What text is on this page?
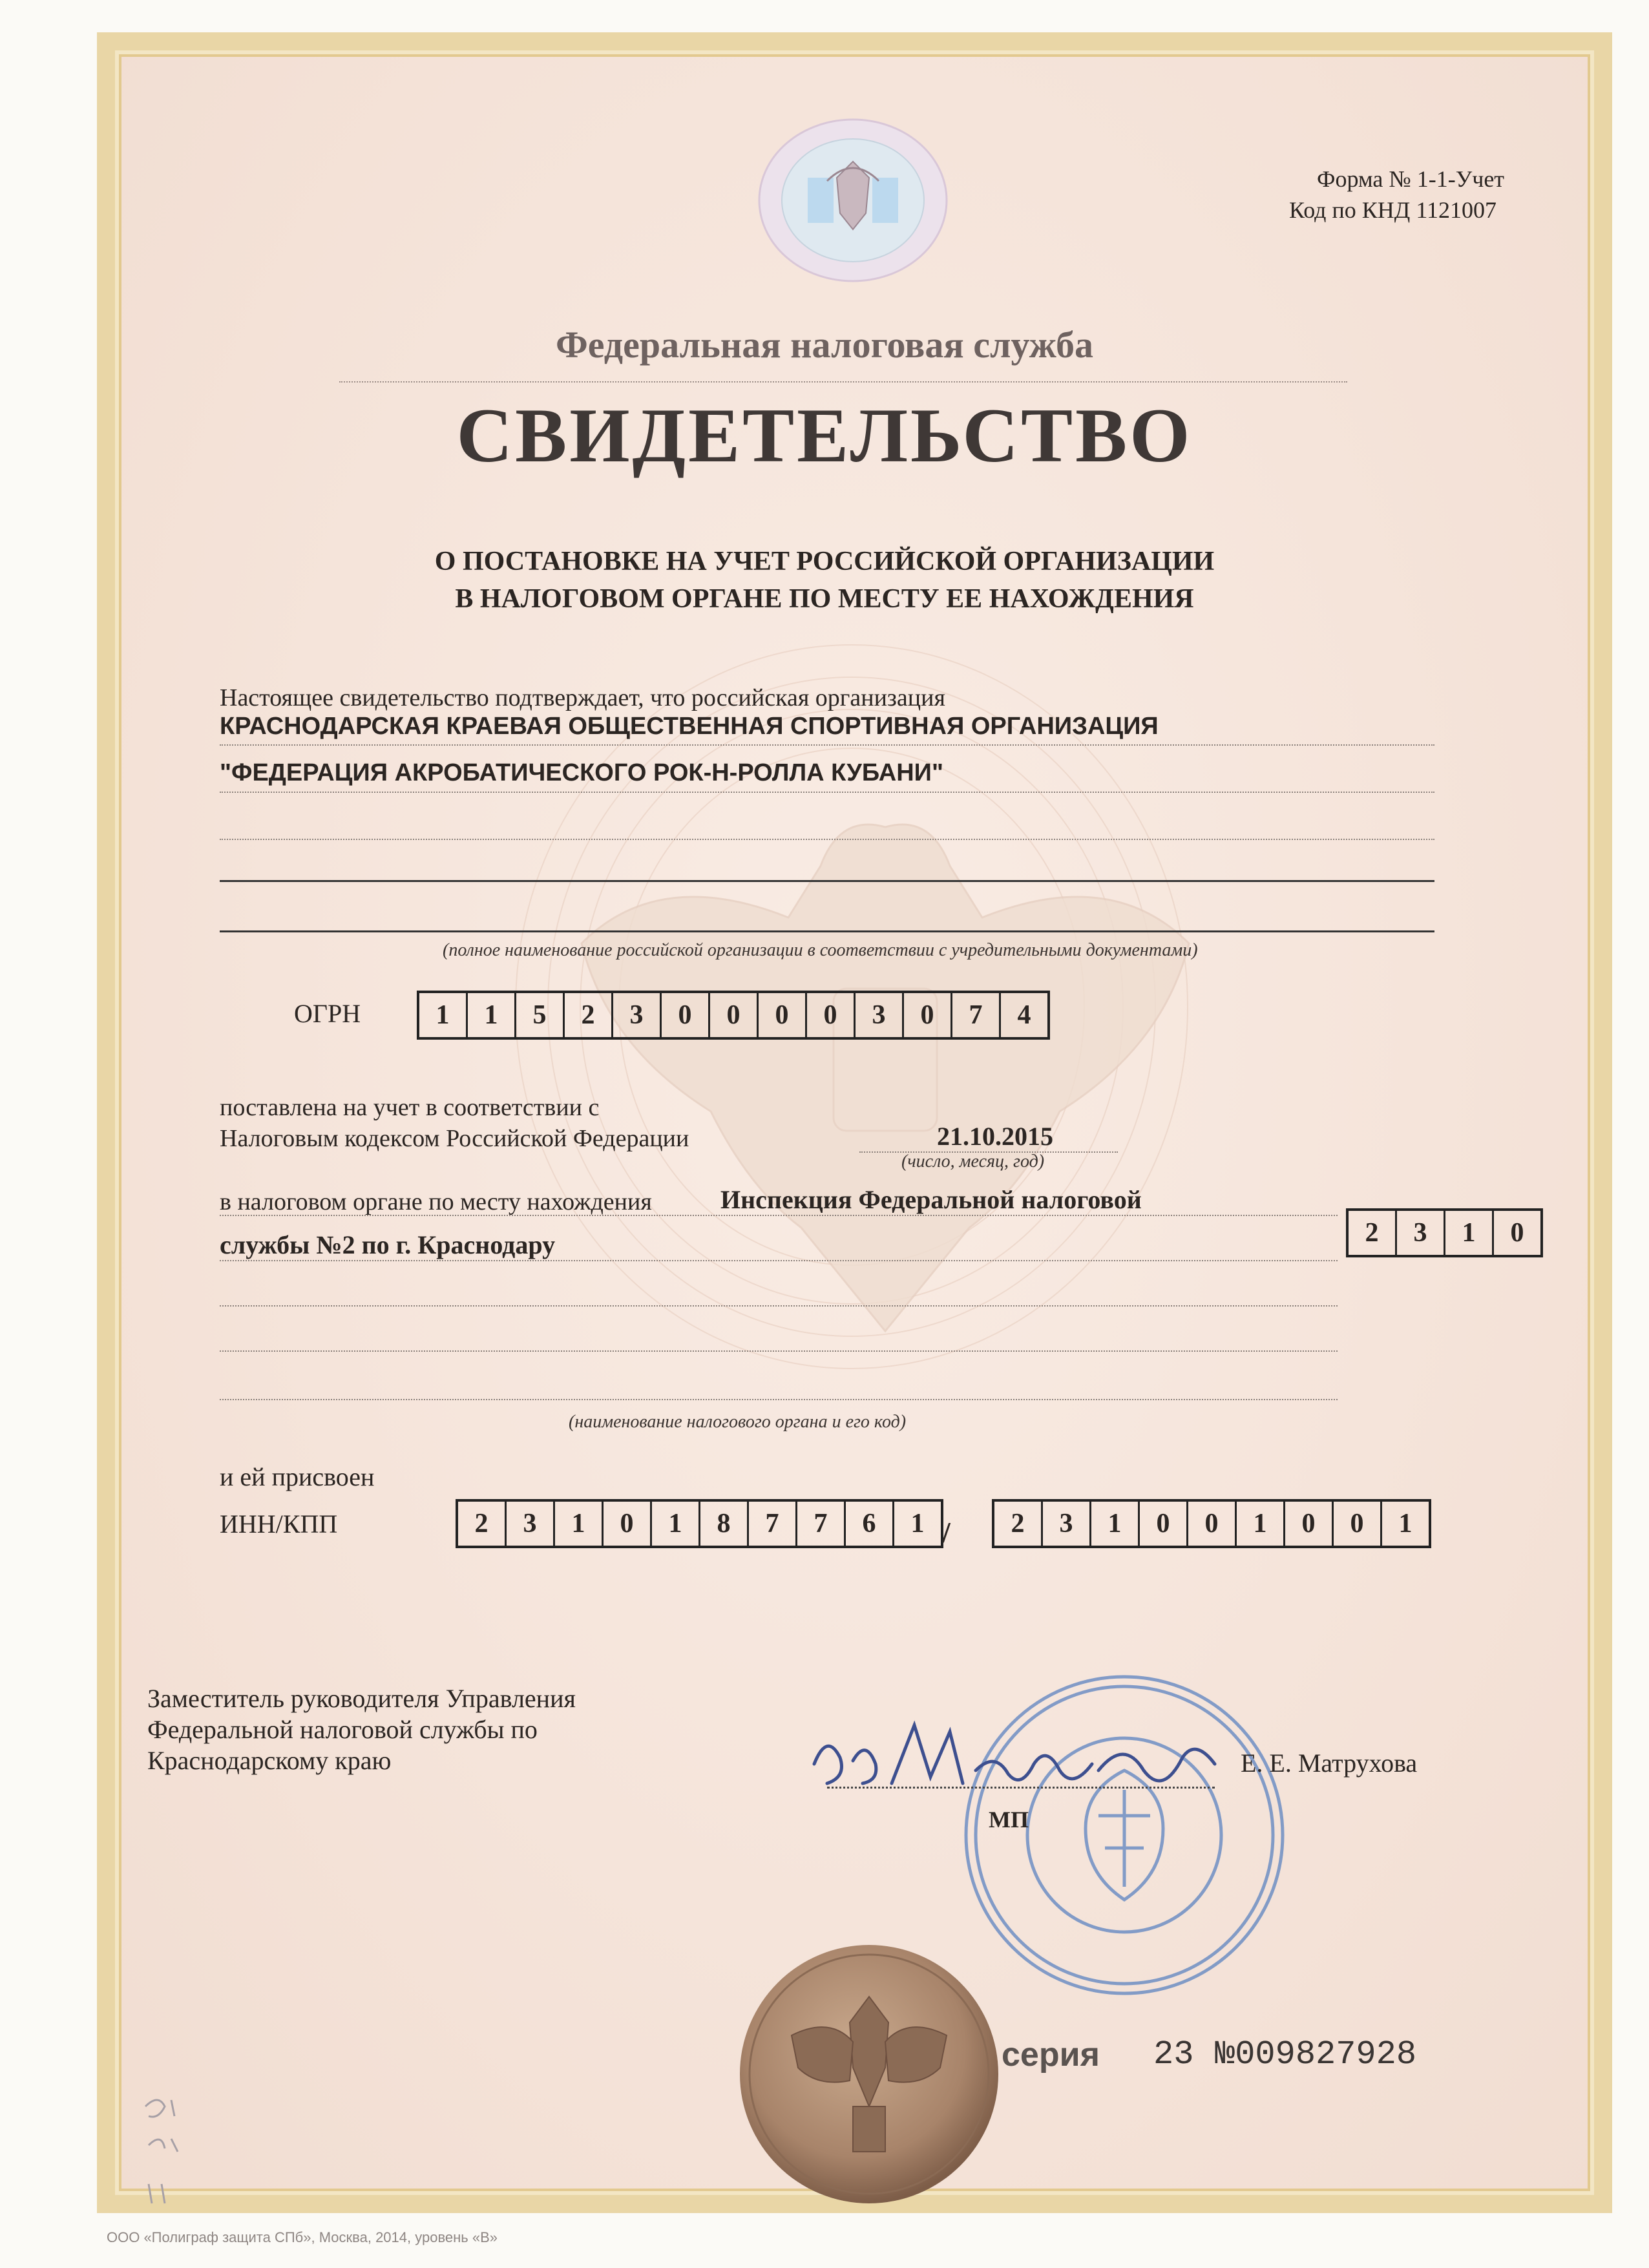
Форма № 1-1-Учет
Код по КНД 1121007
Федеральная налоговая служба
СВИДЕТЕЛЬСТВО
О ПОСТАНОВКЕ НА УЧЕТ РОССИЙСКОЙ ОРГАНИЗАЦИИ
В НАЛОГОВОМ ОРГАНЕ ПО МЕСТУ ЕЕ НАХОЖДЕНИЯ
Настоящее свидетельство подтверждает, что российская организация
КРАСНОДАРСКАЯ КРАЕВАЯ ОБЩЕСТВЕННАЯ СПОРТИВНАЯ ОРГАНИЗАЦИЯ
"ФЕДЕРАЦИЯ АКРОБАТИЧЕСКОГО РОК-Н-РОЛЛА КУБАНИ"
(полное наименование российской организации в соответствии с учредительными документами)
ОГРН	1	1	5	2	3	0	0	0	0	3	0	7	4
поставлена на учет в соответствии с
Налоговым кодексом Российской Федерации	21.10.2015
(число, месяц, год)
в налоговом органе по месту нахождения	Инспекция Федеральной налоговой
службы №2 по г. Краснодару	2	3	1	0
(наименование налогового органа и его код)
и ей присвоен
ИНН/КПП	2	3	1	0	1	8	7	7	6	1 /	2	3	1	0	0	1	0	0	1
Заместитель руководителя Управления
Федеральной налоговой службы по
Краснодарскому краю	Е. Е. Матрухова
МП
серия 23 №009827928
ООО «Полиграф защита СПб», Москва, 2014, уровень «В»
